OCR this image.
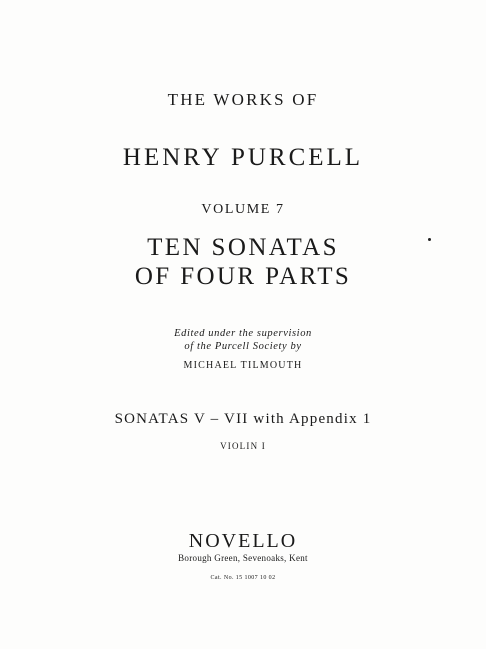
THE WORKS OF
HENRY PURCELL
VOLUME 7
TEN SONATAS
OF FOUR PARTS
Edited under the supervision
of the Purcell Society by
MICHAEL TILMOUTH
SONATAS V – VII with Appendix 1
VIOLIN I
NOVELLO
Borough Green, Sevenoaks, Kent
Cat. No. 15 1007 10 02
